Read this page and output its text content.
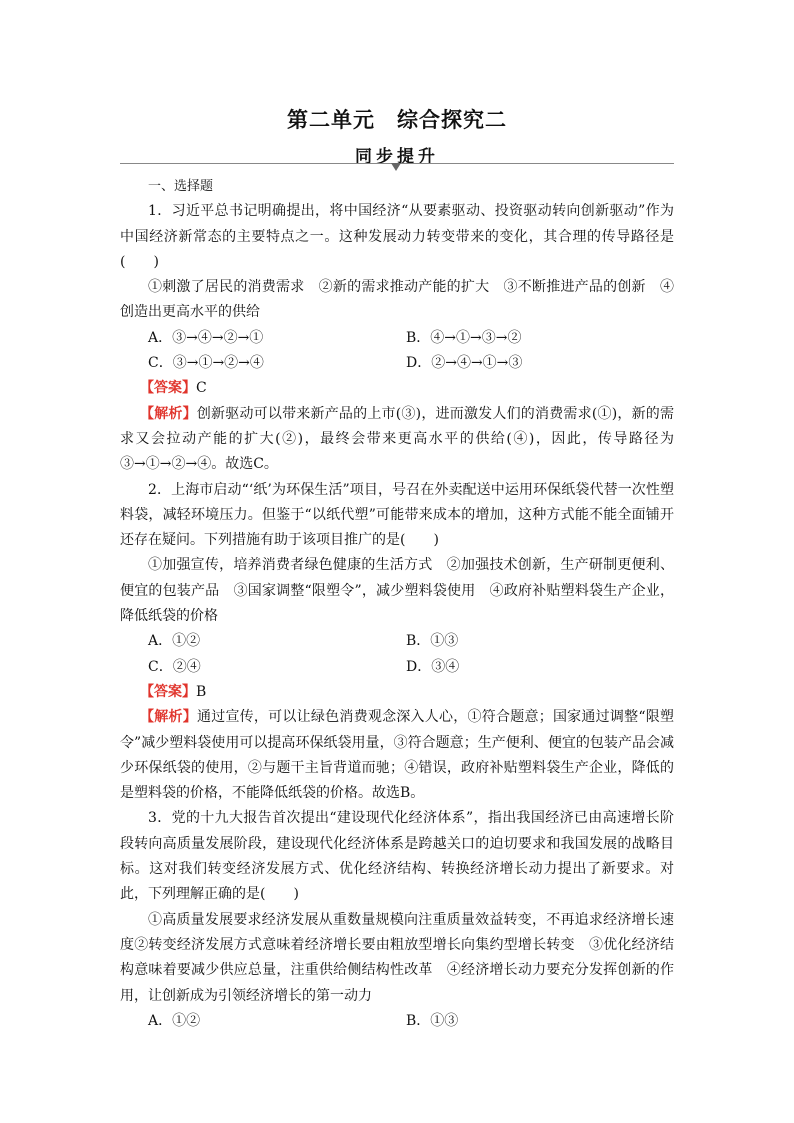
第二单元　综合探究二
同步提升

一、选择题

1．习近平总书记明确提出，将中国经济“从要素驱动、投资驱动转向创新驱动”作为中国经济新常态的主要特点之一。这种发展动力转变带来的变化，其合理的传导路径是(　　)

①刺激了居民的消费需求　②新的需求推动产能的扩大　③不断推进产品的创新　④创造出更高水平的供给

A．③→④→②→①	B．④→①→③→②
C．③→①→②→④	D．②→④→①→③

【答案】C

【解析】创新驱动可以带来新产品的上市(③)，进而激发人们的消费需求(①)，新的需求又会拉动产能的扩大(②)，最终会带来更高水平的供给(④)，因此，传导路径为③→①→②→④。故选C。

2．上海市启动“‘纸’为环保生活”项目，号召在外卖配送中运用环保纸袋代替一次性塑料袋，减轻环境压力。但鉴于“以纸代塑”可能带来成本的增加，这种方式能不能全面铺开还存在疑问。下列措施有助于该项目推广的是(　　)

①加强宣传，培养消费者绿色健康的生活方式　②加强技术创新，生产研制更便利、便宜的包装产品　③国家调整“限塑令”，减少塑料袋使用　④政府补贴塑料袋生产企业，降低纸袋的价格

A．①②	B．①③
C．②④	D．③④

【答案】B

【解析】通过宣传，可以让绿色消费观念深入人心，①符合题意；国家通过调整“限塑令”减少塑料袋使用可以提高环保纸袋用量，③符合题意；生产便利、便宜的包装产品会减少环保纸袋的使用，②与题干主旨背道而驰；④错误，政府补贴塑料袋生产企业，降低的是塑料袋的价格，不能降低纸袋的价格。故选B。

3．党的十九大报告首次提出“建设现代化经济体系”，指出我国经济已由高速增长阶段转向高质量发展阶段，建设现代化经济体系是跨越关口的迫切要求和我国发展的战略目标。这对我们转变经济发展方式、优化经济结构、转换经济增长动力提出了新要求。对此，下列理解正确的是(　　)

①高质量发展要求经济发展从重数量规模向注重质量效益转变，不再追求经济增长速度②转变经济发展方式意味着经济增长要由粗放型增长向集约型增长转变　③优化经济结构意味着要减少供应总量，注重供给侧结构性改革　④经济增长动力要充分发挥创新的作用，让创新成为引领经济增长的第一动力

A．①②	B．①③
